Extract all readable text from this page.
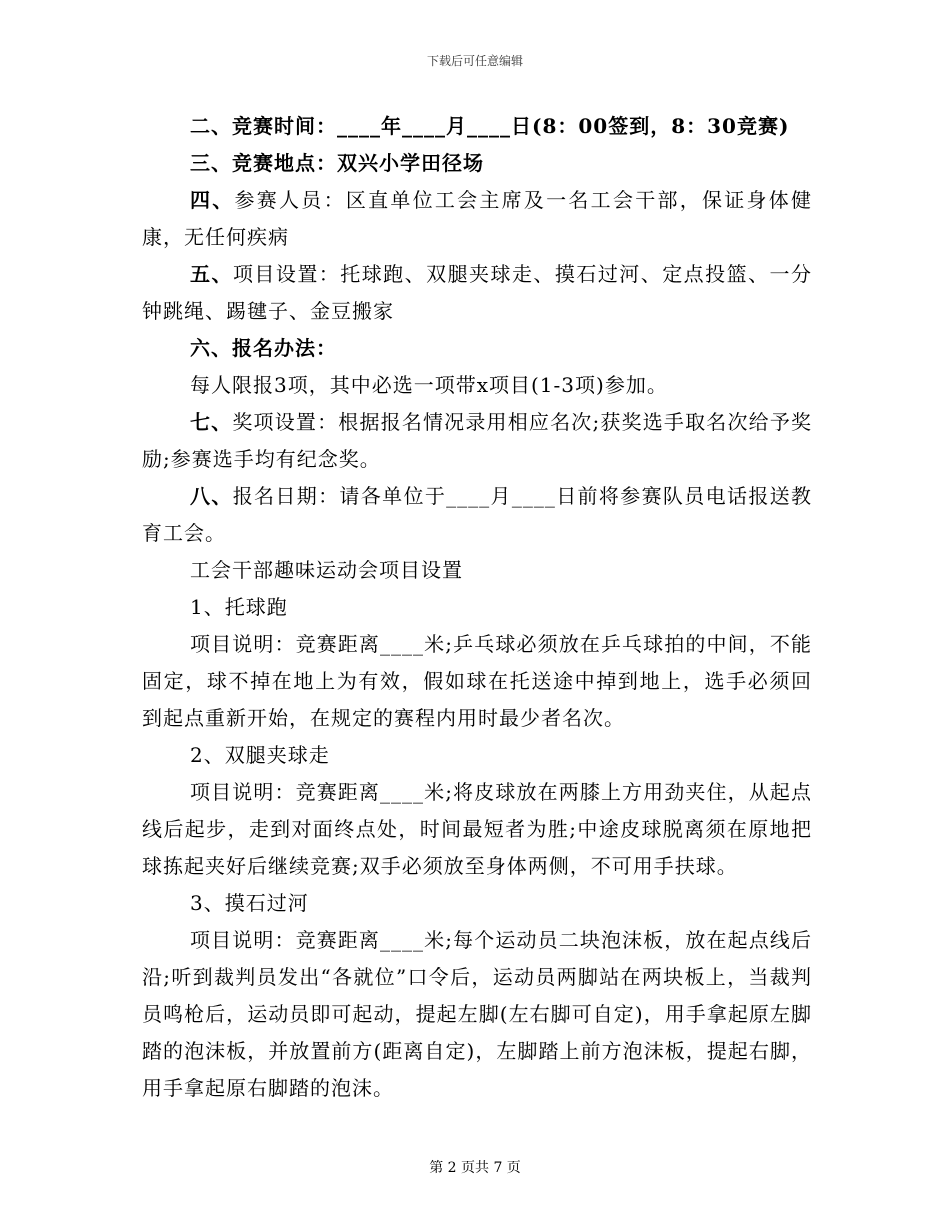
下载后可任意编辑

二、竞赛时间：____年____月____日(8：00签到，8：30竞赛)

三、竞赛地点：双兴小学田径场

四、参赛人员：区直单位工会主席及一名工会干部，保证身体健康，无任何疾病

五、项目设置：托球跑、双腿夹球走、摸石过河、定点投篮、一分钟跳绳、踢毽子、金豆搬家

六、报名办法：

每人限报3项，其中必选一项带x项目(1-3项)参加。

七、奖项设置：根据报名情况录用相应名次;获奖选手取名次给予奖励;参赛选手均有纪念奖。

八、报名日期：请各单位于____月____日前将参赛队员电话报送教育工会。

工会干部趣味运动会项目设置

1、托球跑

项目说明：竞赛距离____米;乒乓球必须放在乒乓球拍的中间，不能固定，球不掉在地上为有效，假如球在托送途中掉到地上，选手必须回到起点重新开始，在规定的赛程内用时最少者名次。

2、双腿夹球走

项目说明：竞赛距离____米;将皮球放在两膝上方用劲夹住，从起点线后起步，走到对面终点处，时间最短者为胜;中途皮球脱离须在原地把球拣起夹好后继续竞赛;双手必须放至身体两侧，不可用手扶球。

3、摸石过河

项目说明：竞赛距离____米;每个运动员二块泡沫板，放在起点线后沿;听到裁判员发出“各就位”口令后，运动员两脚站在两块板上，当裁判员鸣枪后，运动员即可起动，提起左脚(左右脚可自定)，用手拿起原左脚踏的泡沫板，并放置前方(距离自定)，左脚踏上前方泡沫板，提起右脚，用手拿起原右脚踏的泡沫。

第 2 页共 7 页
